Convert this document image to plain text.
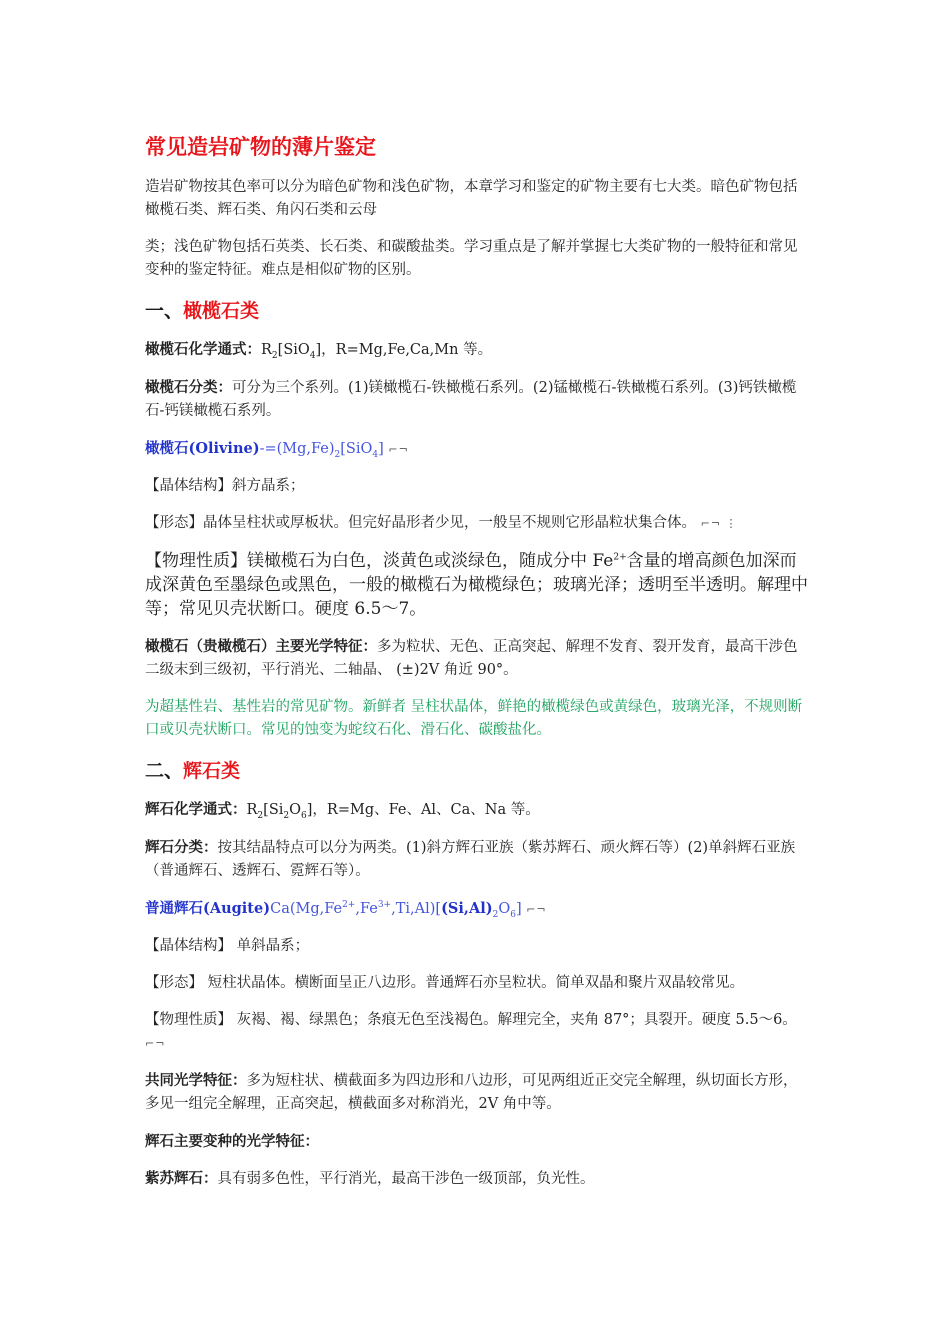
常见造岩矿物的薄片鉴定

造岩矿物按其色率可以分为暗色矿物和浅色矿物，本章学习和鉴定的矿物主要有七大类。暗色矿物包括橄榄石类、辉石类、角闪石类和云母

类；浅色矿物包括石英类、长石类、和碳酸盐类。学习重点是了解并掌握七大类矿物的一般特征和常见变种的鉴定特征。难点是相似矿物的区别。

一、橄榄石类

橄榄石化学通式：$R_2[SiO_4]$，R=Mg,Fe,Ca,Mn 等。

橄榄石分类：可分为三个系列。(1)镁橄榄石-铁橄榄石系列。(2)锰橄榄石-铁橄榄石系列。(3)钙铁橄榄石-钙镁橄榄石系列。

橄榄石$(Olivine)-=(Mg,Fe)_2[SiO_4]$ ⌐¬

【晶体结构】斜方晶系；

【形态】晶体呈柱状或厚板状。但完好晶形者少见，一般呈不规则它形晶粒状集合体。 ⌐¬ ⋮

【物理性质】镁橄榄石为白色，淡黄色或淡绿色，随成分中 $Fe^{2+}$含量的增高颜色加深而成深黄色至墨绿色或黑色，一般的橄榄石为橄榄绿色；玻璃光泽；透明至半透明。解理中等；常见贝壳状断口。硬度 6.5～7。

橄榄石（贵橄榄石）主要光学特征：多为粒状、无色、正高突起、解理不发育、裂开发育，最高干涉色二级末到三级初，平行消光、二轴晶、 (±)2V 角近 90°。

为超基性岩、基性岩的常见矿物。新鲜者 呈柱状晶体，鲜艳的橄榄绿色或黄绿色，玻璃光泽，不规则断口或贝壳状断口。常见的蚀变为蛇纹石化、滑石化、碳酸盐化。

二、辉石类

辉石化学通式：$R_2[Si_2O_6]$，R=Mg、Fe、Al、Ca、Na 等。

辉石分类：按其结晶特点可以分为两类。(1)斜方辉石亚族（紫苏辉石、顽火辉石等）(2)单斜辉石亚族（普通辉石、透辉石、霓辉石等）。

普通辉石$(Augite)Ca(Mg,Fe^{2+},Fe^{3+},Ti,Al)[(Si,Al)_2O_6]$ ⌐¬

【晶体结构】 单斜晶系；

【形态】 短柱状晶体。横断面呈正八边形。普通辉石亦呈粒状。简单双晶和聚片双晶较常见。

【物理性质】 灰褐、褐、绿黑色；条痕无色至浅褐色。解理完全，夹角 87°；具裂开。硬度 5.5～6。 ⌐¬

共同光学特征：多为短柱状、横截面多为四边形和八边形，可见两组近正交完全解理，纵切面长方形，多见一组完全解理，正高突起，横截面多对称消光，2V 角中等。

辉石主要变种的光学特征：

紫苏辉石：具有弱多色性，平行消光，最高干涉色一级顶部，负光性。
